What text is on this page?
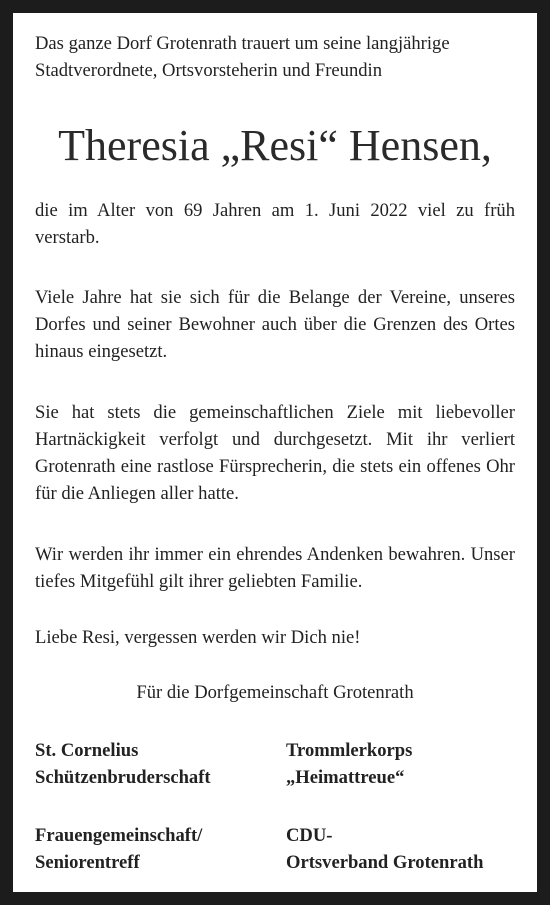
Das ganze Dorf Grotenrath trauert um seine langjährige Stadtverordnete, Ortsvorsteherin und Freundin

Theresia „Resi“ Hensen,

die im Alter von 69 Jahren am 1. Juni 2022 viel zu früh verstarb.

Viele Jahre hat sie sich für die Belange der Vereine, unseres Dorfes und seiner Bewohner auch über die Grenzen des Ortes hinaus eingesetzt.

Sie hat stets die gemeinschaftlichen Ziele mit liebevoller Hartnäckigkeit verfolgt und durchgesetzt. Mit ihr verliert Grotenrath eine rastlose Fürsprecherin, die stets ein offenes Ohr für die Anliegen aller hatte.

Wir werden ihr immer ein ehrendes Andenken bewahren. Unser tiefes Mitgefühl gilt ihrer geliebten Familie.

Liebe Resi, vergessen werden wir Dich nie!

Für die Dorfgemeinschaft Grotenrath

St. Cornelius
Schützenbruderschaft
Trommlerkorps
„Heimattreue“
Frauengemeinschaft/
Seniorentreff
CDU-
Ortsverband Grotenrath
